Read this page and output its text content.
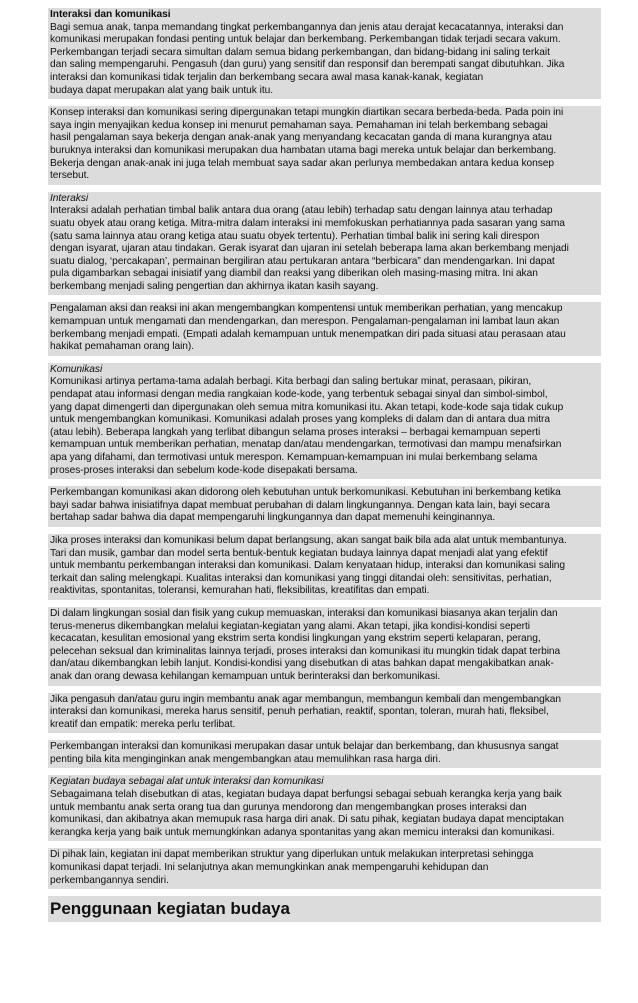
Interaksi dan komunikasi
Bagi semua anak, tanpa memandang tingkat perkembangannya dan jenis atau derajat kecacatannya, interaksi dan
komunikasi merupakan fondasi penting untuk belajar dan berkembang. Perkembangan tidak terjadi secara vakum.
Perkembangan terjadi secara simultan dalam semua bidang perkembangan, dan bidang-bidang ini saling terkait
dan saling mempengaruhi. Pengasuh (dan guru) yang sensitif dan responsif dan berempati sangat dibutuhkan. Jika
interaksi dan komunikasi tidak terjalin dan berkembang secara awal masa kanak-kanak, kegiatan
budaya dapat merupakan alat yang baik untuk itu.
Konsep interaksi dan komunikasi sering dipergunakan tetapi mungkin diartikan secara berbeda-beda. Pada poin ini
saya ingin menyajikan kedua konsep ini menurut pemahaman saya. Pemahaman ini telah berkembang sebagai
hasil pengalaman saya bekerja dengan anak-anak yang menyandang kecacatan ganda di mana kurangnya atau
buruknya interaksi dan komunikasi merupakan dua hambatan utama bagi mereka untuk belajar dan berkembang.
Bekerja dengan anak-anak ini juga telah membuat saya sadar akan perlunya membedakan antara kedua konsep
tersebut.
Interaksi
Interaksi adalah perhatian timbal balik antara dua orang (atau lebih) terhadap satu dengan lainnya atau terhadap
suatu obyek atau orang ketiga. Mitra-mitra dalam interaksi ini memfokuskan perhatiannya pada sasaran yang sama
(satu sama lainnya atau orang ketiga atau suatu obyek tertentu). Perhatian timbal balik ini sering kali direspon
dengan isyarat, ujaran atau tindakan. Gerak isyarat dan ujaran ini setelah beberapa lama akan berkembang menjadi
suatu dialog, ‘percakapan’, permainan bergiliran atau pertukaran antara “berbicara” dan mendengarkan. Ini dapat
pula digambarkan sebagai inisiatif yang diambil dan reaksi yang diberikan oleh masing-masing mitra. Ini akan
berkembang menjadi saling pengertian dan akhirnya ikatan kasih sayang.
Pengalaman aksi dan reaksi ini akan mengembangkan kompentensi untuk memberikan perhatian, yang mencakup
kemampuan untuk mengamati dan mendengarkan, dan merespon. Pengalaman-pengalaman ini lambat laun akan
berkembang menjadi empati. (Empati adalah kemampuan untuk menempatkan diri pada situasi atau perasaan atau
hakikat pemahaman orang lain).
Komunikasi
Komunikasi artinya pertama-tama adalah berbagi. Kita berbagi dan saling bertukar minat, perasaan, pikiran,
pendapat atau informasi dengan media rangkaian kode-kode, yang terbentuk sebagai sinyal dan simbol-simbol,
yang dapat dimengerti dan dipergunakan oleh semua mitra komunikasi itu. Akan tetapi, kode-kode saja tidak cukup
untuk mengembangkan komunikasi. Komunikasi adalah proses yang kompleks di dalam dan di antara dua mitra
(atau lebih). Beberapa langkah yang terlibat dibangun selama proses interaksi – berbagai kemampuan seperti
kemampuan untuk memberikan perhatian, menatap dan/atau mendengarkan, termotivasi dan mampu menafsirkan
apa yang difahami, dan termotivasi untuk merespon. Kemampuan-kemampuan ini mulai berkembang selama
proses-proses interaksi dan sebelum kode-kode disepakati bersama.
Perkembangan komunikasi akan didorong oleh kebutuhan untuk berkomunikasi. Kebutuhan ini berkembang ketika
bayi sadar bahwa inisiatifnya dapat membuat perubahan di dalam lingkungannya. Dengan kata lain, bayi secara
bertahap sadar bahwa dia dapat mempengaruhi lingkungannya dan dapat memenuhi keinginannya.
Jika proses interaksi dan komunikasi belum dapat berlangsung, akan sangat baik bila ada alat untuk membantunya.
Tari dan musik, gambar dan model serta bentuk-bentuk kegiatan budaya lainnya dapat menjadi alat yang efektif
untuk membantu perkembangan interaksi dan komunikasi. Dalam kenyataan hidup, interaksi dan komunikasi saling
terkait dan saling melengkapi. Kualitas interaksi dan komunikasi yang tinggi ditandai oleh: sensitivitas, perhatian,
reaktivitas, spontanitas, toleransi, kemurahan hati, fleksibilitas, kreatifitas dan empati.
Di dalam lingkungan sosial dan fisik yang cukup memuaskan, interaksi dan komunikasi biasanya akan terjalin dan
terus-menerus dikembangkan melalui kegiatan-kegiatan yang alami. Akan tetapi, jika kondisi-kondisi seperti
kecacatan, kesulitan emosional yang ekstrim serta kondisi lingkungan yang ekstrim seperti kelaparan, perang,
pelecehan seksual dan kriminalitas lainnya terjadi, proses interaksi dan komunikasi itu mungkin tidak dapat terbina
dan/atau dikembangkan lebih lanjut. Kondisi-kondisi yang disebutkan di atas bahkan dapat mengakibatkan anak-
anak dan orang dewasa kehilangan kemampuan untuk berinteraksi dan berkomunikasi.
Jika pengasuh dan/atau guru ingin membantu anak agar membangun, membangun kembali dan mengembangkan
interaksi dan komunikasi, mereka harus sensitif, penuh perhatian, reaktif, spontan, toleran, murah hati, fleksibel,
kreatif dan empatik: mereka perlu terlibat.
Perkembangan interaksi dan komunikasi merupakan dasar untuk belajar dan berkembang, dan khususnya sangat
penting bila kita menginginkan anak mengembangkan atau memulihkan rasa harga diri.
Kegiatan budaya sebagai alat untuk interaksi dan komunikasi
Sebagaimana telah disebutkan di atas, kegiatan budaya dapat berfungsi sebagai sebuah kerangka kerja yang baik
untuk membantu anak serta orang tua dan gurunya mendorong dan mengembangkan proses interaksi dan
komunikasi, dan akibatnya akan memupuk rasa harga diri anak. Di satu pihak, kegiatan budaya dapat menciptakan
kerangka kerja yang baik untuk memungkinkan adanya spontanitas yang akan memicu interaksi dan komunikasi.
Di pihak lain, kegiatan ini dapat memberikan struktur yang diperlukan untuk melakukan interpretasi sehingga
komunikasi dapat terjadi. Ini selanjutnya akan memungkinkan anak mempengaruhi kehidupan dan
perkembangannya sendiri.
Penggunaan kegiatan budaya
